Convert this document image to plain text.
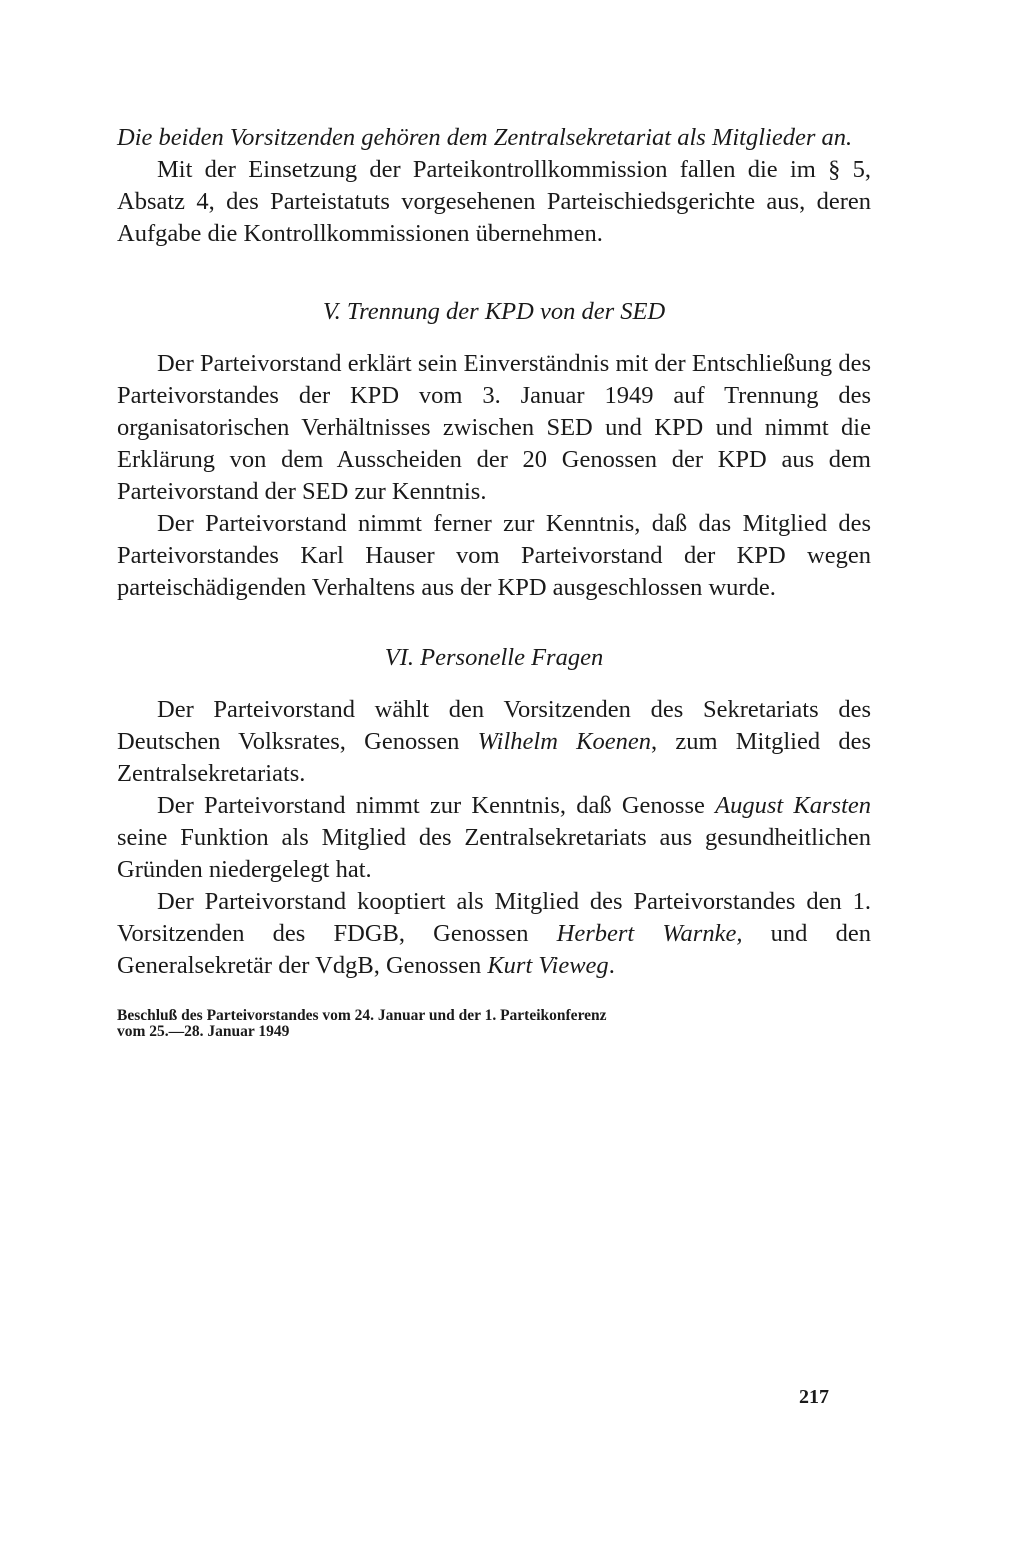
Die beiden Vorsitzenden gehören dem Zentralsekretariat als Mitglieder an.

Mit der Einsetzung der Parteikontrollkommission fallen die im § 5, Absatz 4, des Parteistatuts vorgesehenen Parteischiedsgerichte aus, deren Aufgabe die Kontrollkommissionen übernehmen.

V. Trennung der KPD von der SED

Der Parteivorstand erklärt sein Einverständnis mit der Entschließung des Parteivorstandes der KPD vom 3. Januar 1949 auf Trennung des organisatorischen Verhältnisses zwischen SED und KPD und nimmt die Erklärung von dem Ausscheiden der 20 Genossen der KPD aus dem Parteivorstand der SED zur Kenntnis.

Der Parteivorstand nimmt ferner zur Kenntnis, daß das Mitglied des Parteivorstandes Karl Hauser vom Parteivorstand der KPD wegen parteischädigenden Verhaltens aus der KPD ausgeschlossen wurde.

VI. Personelle Fragen

Der Parteivorstand wählt den Vorsitzenden des Sekretariats des Deutschen Volksrates, Genossen Wilhelm Koenen, zum Mitglied des Zentralsekretariats.

Der Parteivorstand nimmt zur Kenntnis, daß Genosse August Karsten seine Funktion als Mitglied des Zentralsekretariats aus gesundheitlichen Gründen niedergelegt hat.

Der Parteivorstand kooptiert als Mitglied des Parteivorstandes den 1. Vorsitzenden des FDGB, Genossen Herbert Warnke, und den Generalsekretär der VdgB, Genossen Kurt Vieweg.

Beschluß des Parteivorstandes vom 24. Januar und der 1. Parteikonferenz

vom 25.—28. Januar 1949

217
